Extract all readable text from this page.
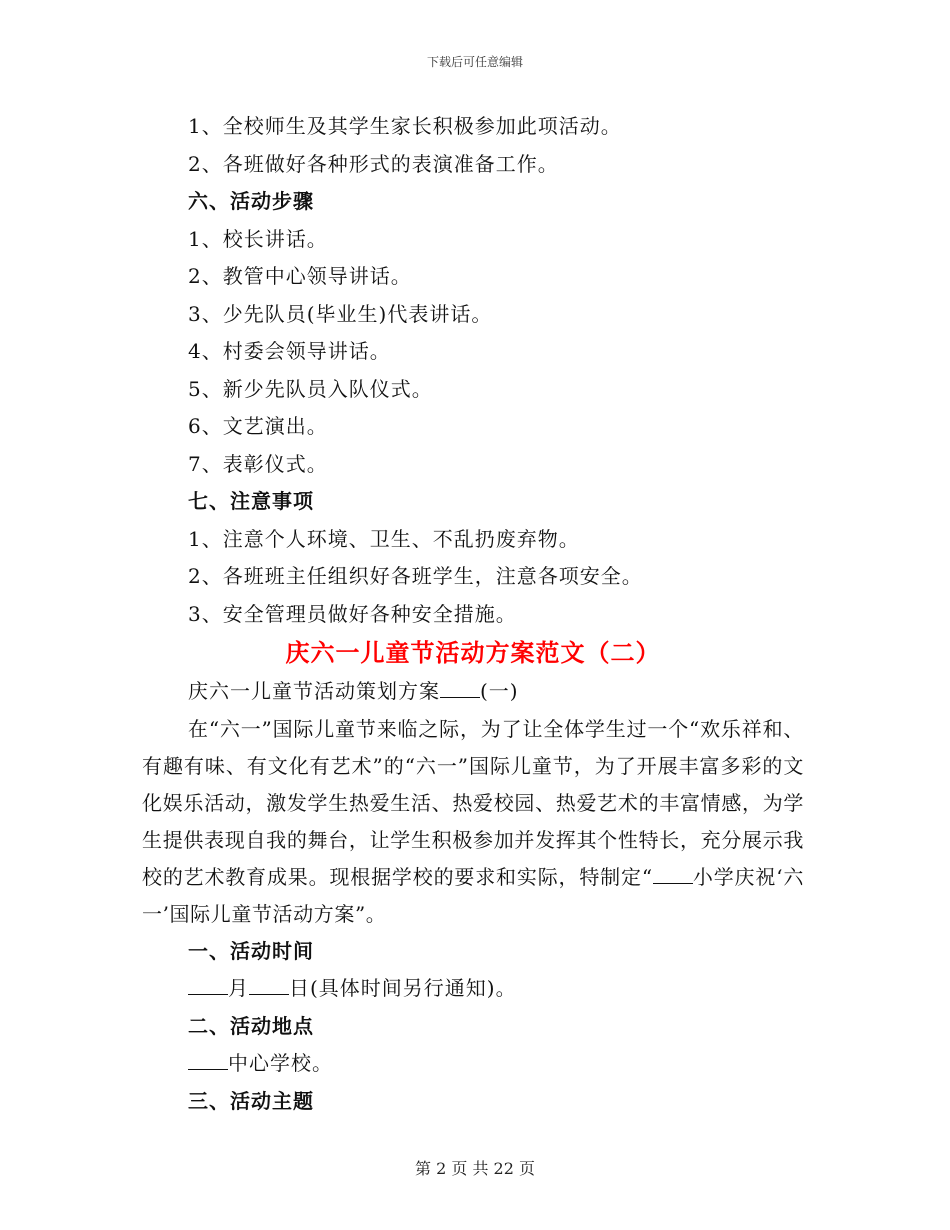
下载后可任意编辑
1、全校师生及其学生家长积极参加此项活动。
2、各班做好各种形式的表演准备工作。
六、活动步骤
1、校长讲话。
2、教管中心领导讲话。
3、少先队员(毕业生)代表讲话。
4、村委会领导讲话。
5、新少先队员入队仪式。
6、文艺演出。
7、表彰仪式。
七、注意事项
1、注意个人环境、卫生、不乱扔废弃物。
2、各班班主任组织好各班学生，注意各项安全。
3、安全管理员做好各种安全措施。
庆六一儿童节活动方案范文（二）
庆六一儿童节活动策划方案 (一)
在“六一”国际儿童节来临之际，为了让全体学生过一个“欢乐祥和、有趣有味、有文化有艺术”的“六一”国际儿童节，为了开展丰富多彩的文化娱乐活动，激发学生热爱生活、热爱校园、热爱艺术的丰富情感，为学生提供表现自我的舞台，让学生积极参加并发挥其个性特长，充分展示我校的艺术教育成果。现根据学校的要求和实际，特制定“ 小学庆祝‘六一’国际儿童节活动方案”。
一、活动时间
月 日(具体时间另行通知)。
二、活动地点
中心学校。
三、活动主题
第 2 页 共 22 页
